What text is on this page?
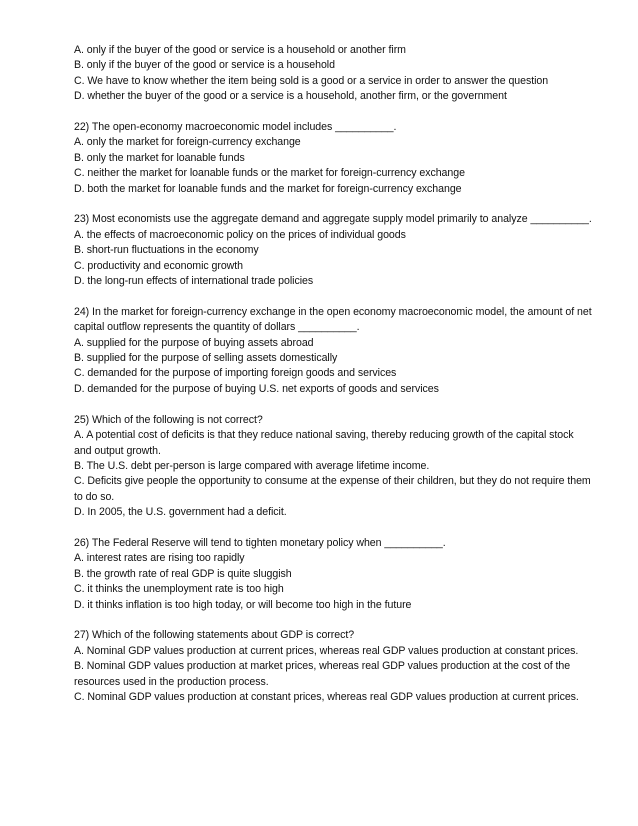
A. only if the buyer of the good or service is a household or another firm
B. only if the buyer of the good or service is a household
C. We have to know whether the item being sold is a good or a service in order to answer the question
D. whether the buyer of the good or a service is a household, another firm, or the government
22) The open-economy macroeconomic model includes __________.
A. only the market for foreign-currency exchange
B. only the market for loanable funds
C. neither the market for loanable funds or the market for foreign-currency exchange
D. both the market for loanable funds and the market for foreign-currency exchange
23) Most economists use the aggregate demand and aggregate supply model primarily to analyze __________.
A. the effects of macroeconomic policy on the prices of individual goods
B. short-run fluctuations in the economy
C. productivity and economic growth
D. the long-run effects of international trade policies
24) In the market for foreign-currency exchange in the open economy macroeconomic model, the amount of net capital outflow represents the quantity of dollars __________.
A. supplied for the purpose of buying assets abroad
B. supplied for the purpose of selling assets domestically
C. demanded for the purpose of importing foreign goods and services
D. demanded for the purpose of buying U.S. net exports of goods and services
25) Which of the following is not correct?
A. A potential cost of deficits is that they reduce national saving, thereby reducing growth of the capital stock and output growth.
B. The U.S. debt per-person is large compared with average lifetime income.
C. Deficits give people the opportunity to consume at the expense of their children, but they do not require them to do so.
D. In 2005, the U.S. government had a deficit.
26) The Federal Reserve will tend to tighten monetary policy when __________.
A. interest rates are rising too rapidly
B. the growth rate of real GDP is quite sluggish
C. it thinks the unemployment rate is too high
D. it thinks inflation is too high today, or will become too high in the future
27) Which of the following statements about GDP is correct?
A. Nominal GDP values production at current prices, whereas real GDP values production at constant prices.
B. Nominal GDP values production at market prices, whereas real GDP values production at the cost of the resources used in the production process.
C. Nominal GDP values production at constant prices, whereas real GDP values production at current prices.
